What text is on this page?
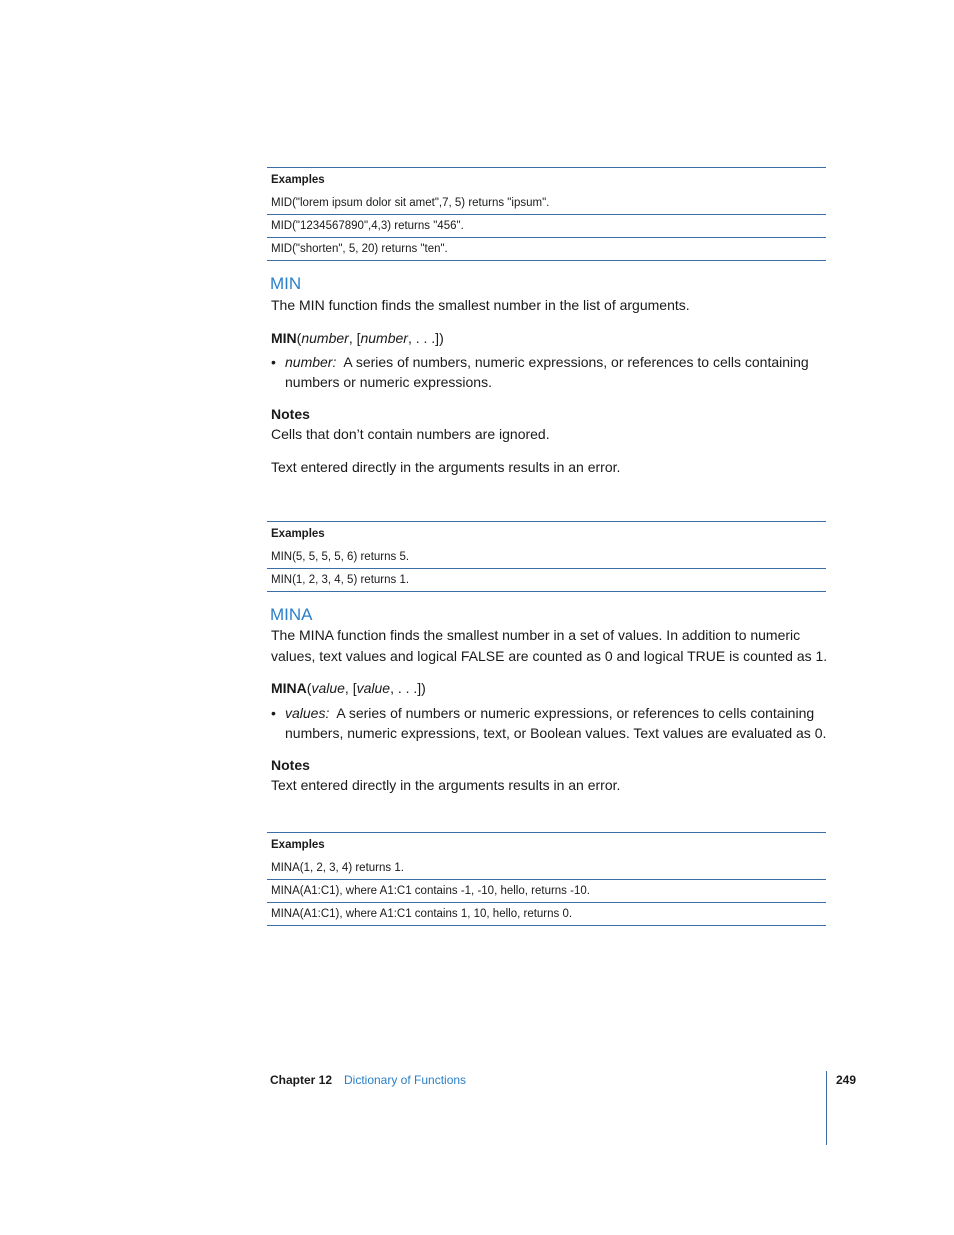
Examples
MID("lorem ipsum dolor sit amet",7, 5) returns "ipsum".
MID("1234567890",4,3) returns "456".
MID("shorten", 5, 20) returns "ten".
MIN
The MIN function finds the smallest number in the list of arguments.
MIN(number, [number, . . .])
• number: A series of numbers, numeric expressions, or references to cells containing
numbers or numeric expressions.
Notes
Cells that don’t contain numbers are ignored.
Text entered directly in the arguments results in an error.
Examples
MIN(5, 5, 5, 5, 6) returns 5.
MIN(1, 2, 3, 4, 5) returns 1.
MINA
The MINA function finds the smallest number in a set of values. In addition to numeric
values, text values and logical FALSE are counted as 0 and logical TRUE is counted as 1.
MINA(value, [value, . . .])
• values: A series of numbers or numeric expressions, or references to cells containing
numbers, numeric expressions, text, or Boolean values. Text values are evaluated as 0.
Notes
Text entered directly in the arguments results in an error.
Examples
MINA(1, 2, 3, 4) returns 1.
MINA(A1:C1), where A1:C1 contains -1, -10, hello, returns -10.
MINA(A1:C1), where A1:C1 contains 1, 10, hello, returns 0.
Chapter 12 Dictionary of Functions	249
